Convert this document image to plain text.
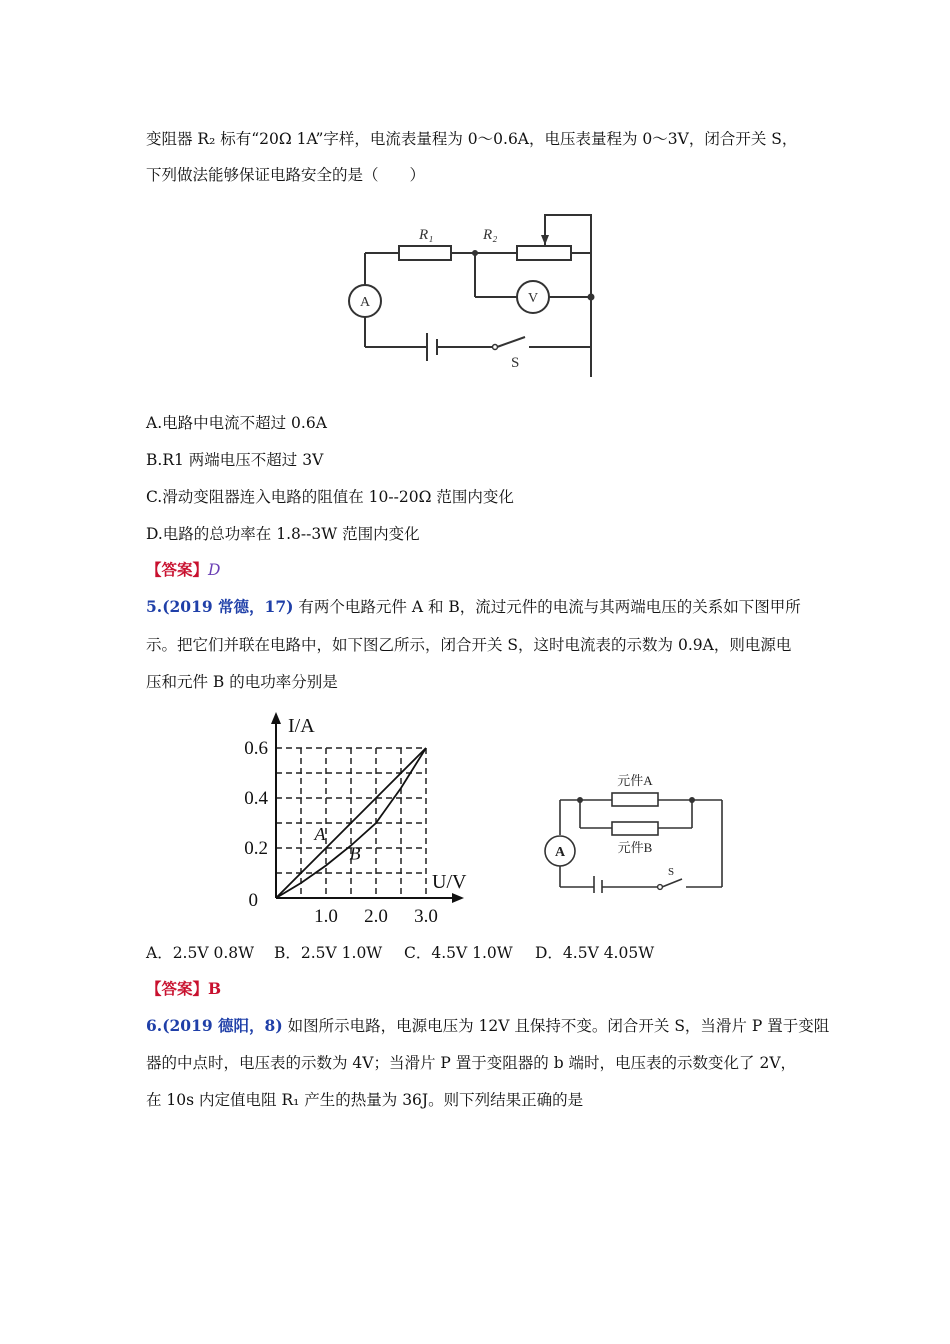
变阻器 R₂ 标有“20Ω 1A”字样，电流表量程为 0～0.6A，电压表量程为 0～3V，闭合开关 S，
下列做法能够保证电路安全的是（　　）
R₁	R₂
A	V
S
A.电路中电流不超过 0.6A
B.R1 两端电压不超过 3V
C.滑动变阻器连入电路的阻值在 10--20Ω 范围内变化
D.电路的总功率在 1.8--3W 范围内变化
【答案】D
5.(2019 常德，17) 有两个电路元件 A 和 B，流过元件的电流与其两端电压的关系如下图甲所
示。把它们并联在电路中，如下图乙所示，闭合开关 S，这时电流表的示数为 0.9A，则电源电
压和元件 B 的电功率分别是
A
B
1.0 2.0 3.0
0.6
0.4
0.2
0
I/A
U/V
元件A
元件B
A
S
A．2.5V 0.8W B．2.5V 1.0W C．4.5V 1.0W D．4.5V 4.05W
【答案】B
6.(2019 德阳，8) 如图所示电路，电源电压为 12V 且保持不变。闭合开关 S，当滑片 P 置于变阻
器的中点时，电压表的示数为 4V；当滑片 P 置于变阻器的 b 端时，电压表的示数变化了 2V，
在 10s 内定值电阻 R₁ 产生的热量为 36J。则下列结果正确的是
